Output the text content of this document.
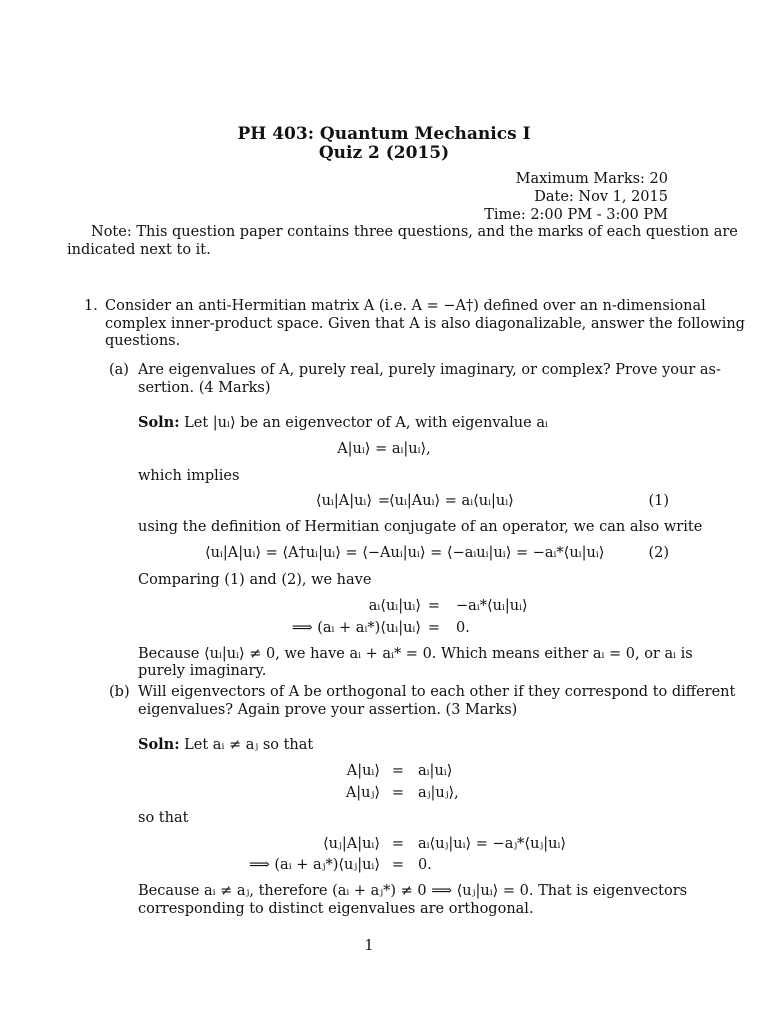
PH 403: Quantum Mechanics I
Quiz 2 (2015)
Maximum Marks: 20
Date: Nov 1, 2015
Time: 2:00 PM - 3:00 PM
Note: This question paper contains three questions, and the marks of each question are
indicated next to it.
1. Consider an anti-Hermitian matrix A (i.e. A = −A†) defined over an n-dimensional
complex inner-product space. Given that A is also diagonalizable, answer the following
questions.
(a) Are eigenvalues of A, purely real, purely imaginary, or complex? Prove your as-
sertion. (4 Marks)
Soln: Let |uᵢ⟩ be an eigenvector of A, with eigenvalue aᵢ
A|uᵢ⟩ = aᵢ|uᵢ⟩,
which implies
⟨uᵢ|A|uᵢ⟩ =
⟨uᵢ|Auᵢ⟩ = aᵢ⟨uᵢ|uᵢ⟩	(1)
using the definition of Hermitian conjugate of an operator, we can also write
⟨uᵢ|A|uᵢ⟩ = ⟨A†uᵢ|uᵢ⟩ = ⟨−Auᵢ|uᵢ⟩ = ⟨−aᵢuᵢ|uᵢ⟩ = −aᵢ*⟨uᵢ|uᵢ⟩	(2)
Comparing (1) and (2), we have
aᵢ⟨uᵢ|uᵢ⟩ = −aᵢ*⟨uᵢ|uᵢ⟩
⟹ (aᵢ + aᵢ*)⟨uᵢ|uᵢ⟩ = 0.
Because ⟨uᵢ|uᵢ⟩ ≠ 0, we have aᵢ + aᵢ* = 0. Which means either aᵢ = 0, or aᵢ is
purely imaginary.
(b) Will eigenvectors of A be orthogonal to each other if they correspond to different
eigenvalues? Again prove your assertion. (3 Marks)
Soln: Let aᵢ ≠ aⱼ so that
A|uᵢ⟩ = aᵢ|uᵢ⟩
A|uⱼ⟩ = aⱼ|uⱼ⟩,
so that
⟨uⱼ|A|uᵢ⟩ = aᵢ⟨uⱼ|uᵢ⟩ = −aⱼ*⟨uⱼ|uᵢ⟩
⟹ (aᵢ + aⱼ*)⟨uⱼ|uᵢ⟩ = 0.
Because aᵢ ≠ aⱼ, therefore (aᵢ + aⱼ*) ≠ 0 ⟹ ⟨uⱼ|uᵢ⟩ = 0. That is eigenvectors
corresponding to distinct eigenvalues are orthogonal.
1
